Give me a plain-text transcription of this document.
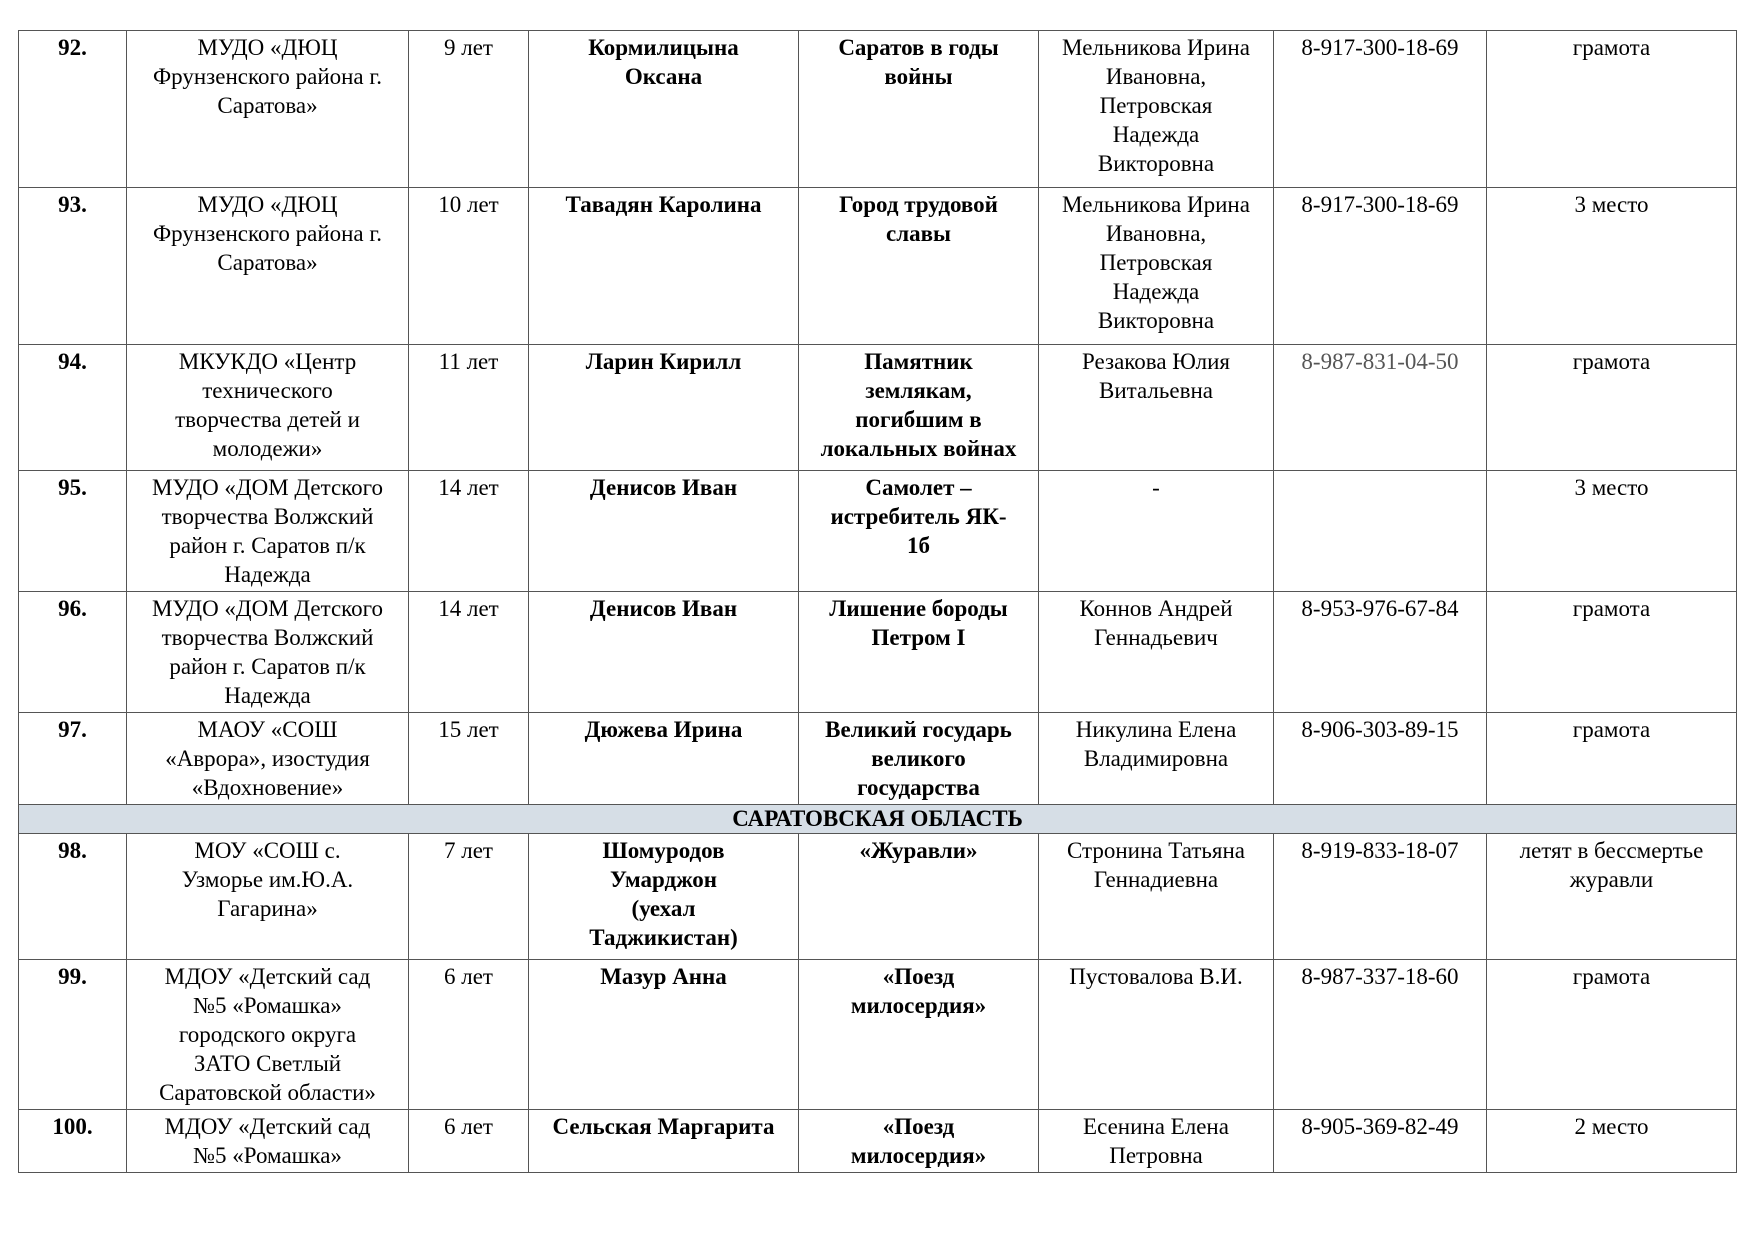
92.	МУДО «ДЮЦ
Фрунзенского района г.
Саратова»	9 лет	Кормилицына
Оксана	Саратов в годы
войны	Мельникова Ирина
Ивановна,
Петровская
Надежда
Викторовна	8-917-300-18-69	грамота

93.	МУДО «ДЮЦ
Фрунзенского района г.
Саратова»	10 лет	Тавадян Каролина	Город трудовой
славы	Мельникова Ирина
Ивановна,
Петровская
Надежда
Викторовна	8-917-300-18-69	3 место

94.	МКУКДО «Центр
технического
творчества детей и
молодежи»	11 лет	Ларин Кирилл	Памятник
землякам,
погибшим в
локальных войнах	Резакова Юлия
Витальевна	8-987-831-04-50	грамота

95.	МУДО «ДОМ Детского
творчества Волжский
район г. Саратов п/к
Надежда	14 лет	Денисов Иван	Самолет –
истребитель ЯК-
1б	-		3 место

96.	МУДО «ДОМ Детского
творчества Волжский
район г. Саратов п/к
Надежда	14 лет	Денисов Иван	Лишение бороды
Петром I	Коннов Андрей
Геннадьевич	8-953-976-67-84	грамота

97.	МАОУ «СОШ
«Аврора», изостудия
«Вдохновение»	15 лет	Дюжева Ирина	Великий государь
великого
государства	Никулина Елена
Владимировна	8-906-303-89-15	грамота

САРАТОВСКАЯ ОБЛАСТЬ							
98.	МОУ «СОШ с.
Узморье им.Ю.А.
Гагарина»	7 лет	Шомуродов
Умарджон
(уехал
Таджикистан)	«Журавли»	Стронина Татьяна
Геннадиевна	8-919-833-18-07	летят в бессмертье
журавли

99.	МДОУ «Детский сад
№5 «Ромашка»
городского округа
ЗАТО Светлый
Саратовской области»	6 лет	Мазур Анна	«Поезд
милосердия»	Пустовалова В.И.	8-987-337-18-60	грамота

100.	МДОУ «Детский сад
№5 «Ромашка»	6 лет	Сельская Маргарита	«Поезд
милосердия»	Есенина Елена
Петровна	8-905-369-82-49	2 место
